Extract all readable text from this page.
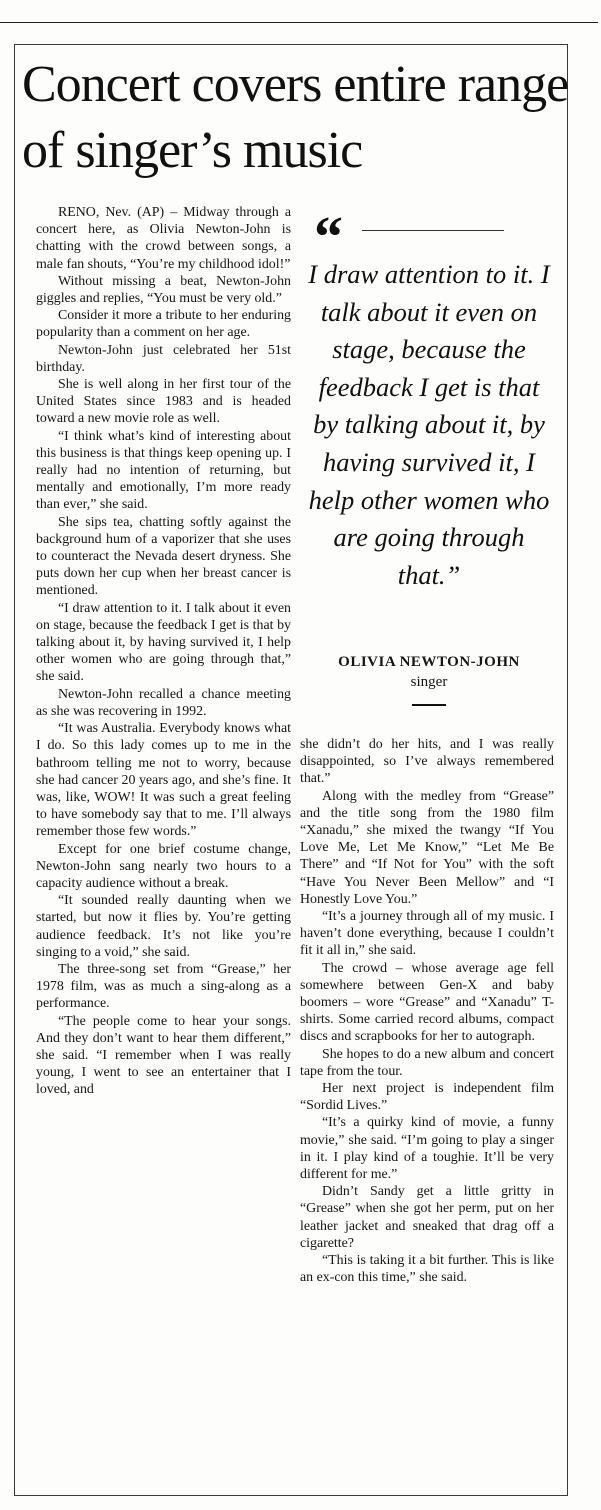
Concert covers entire range of singer’s music

RENO, Nev. (AP) – Midway through a concert here, as Olivia Newton-John is chatting with the crowd between songs, a male fan shouts, “You’re my childhood idol!”

Without missing a beat, Newton-John giggles and replies, “You must be very old.”

Consider it more a tribute to her enduring popularity than a comment on her age.

Newton-John just celebrated her 51st birthday.

She is well along in her first tour of the United States since 1983 and is headed toward a new movie role as well.

“I think what’s kind of interesting about this business is that things keep opening up. I really had no intention of returning, but mentally and emotionally, I’m more ready than ever,” she said.

She sips tea, chatting softly against the background hum of a vaporizer that she uses to counteract the Nevada desert dryness. She puts down her cup when her breast cancer is mentioned.

“I draw attention to it. I talk about it even on stage, because the feedback I get is that by talking about it, by having survived it, I help other women who are going through that,” she said.

Newton-John recalled a chance meeting as she was recovering in 1992.

“It was Australia. Everybody knows what I do. So this lady comes up to me in the bathroom telling me not to worry, because she had cancer 20 years ago, and she’s fine. It was, like, WOW! It was such a great feeling to have somebody say that to me. I’ll always remember those few words.”

Except for one brief costume change, Newton-John sang nearly two hours to a capacity audience without a break.

“It sounded really daunting when we started, but now it flies by. You’re getting audience feedback. It’s not like you’re singing to a void,” she said.

The three-song set from “Grease,” her 1978 film, was as much a sing-along as a performance.

“The people come to hear your songs. And they don’t want to hear them different,” she said. “I remember when I was really young, I went to see an entertainer that I loved, and

“

I draw attention to it. I talk about it even on stage, because the feedback I get is that by talking about it, by having survived it, I help other women who are going through that.”

OLIVIA NEWTON-JOHN
singer

she didn’t do her hits, and I was really disappointed, so I’ve always remembered that.”

Along with the medley from “Grease” and the title song from the 1980 film “Xanadu,” she mixed the twangy “If You Love Me, Let Me Know,” “Let Me Be There” and “If Not for You” with the soft “Have You Never Been Mellow” and “I Honestly Love You.”

“It’s a journey through all of my music. I haven’t done everything, because I couldn’t fit it all in,” she said.

The crowd – whose average age fell somewhere between Gen-X and baby boomers – wore “Grease” and “Xanadu” T-shirts. Some carried record albums, compact discs and scrapbooks for her to autograph.

She hopes to do a new album and concert tape from the tour.

Her next project is independent film “Sordid Lives.”

“It’s a quirky kind of movie, a funny movie,” she said. “I’m going to play a singer in it. I play kind of a toughie. It’ll be very different for me.”

Didn’t Sandy get a little gritty in “Grease” when she got her perm, put on her leather jacket and sneaked that drag off a cigarette?

“This is taking it a bit further. This is like an ex-con this time,” she said.
